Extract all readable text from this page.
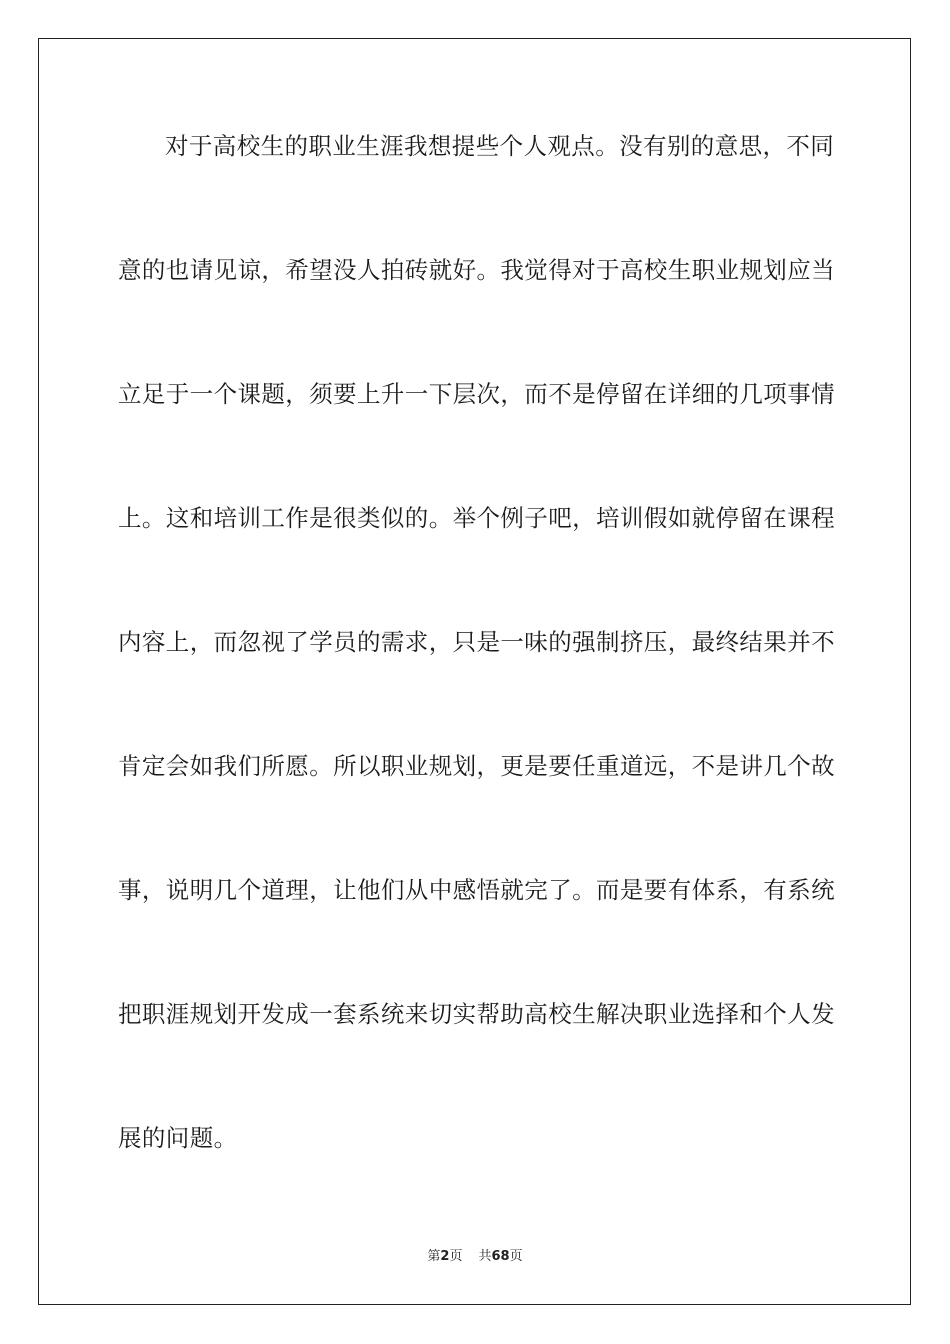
对于高校生的职业生涯我想提些个人观点。没有别的意思，不同
意的也请见谅，希望没人拍砖就好。我觉得对于高校生职业规划应当
立足于一个课题，须要上升一下层次，而不是停留在详细的几项事情
上。这和培训工作是很类似的。举个例子吧，培训假如就停留在课程
内容上，而忽视了学员的需求，只是一味的强制挤压，最终结果并不
肯定会如我们所愿。所以职业规划，更是要任重道远，不是讲几个故
事，说明几个道理，让他们从中感悟就完了。而是要有体系，有系统
把职涯规划开发成一套系统来切实帮助高校生解决职业选择和个人发
展的问题。
第2页 共68页
